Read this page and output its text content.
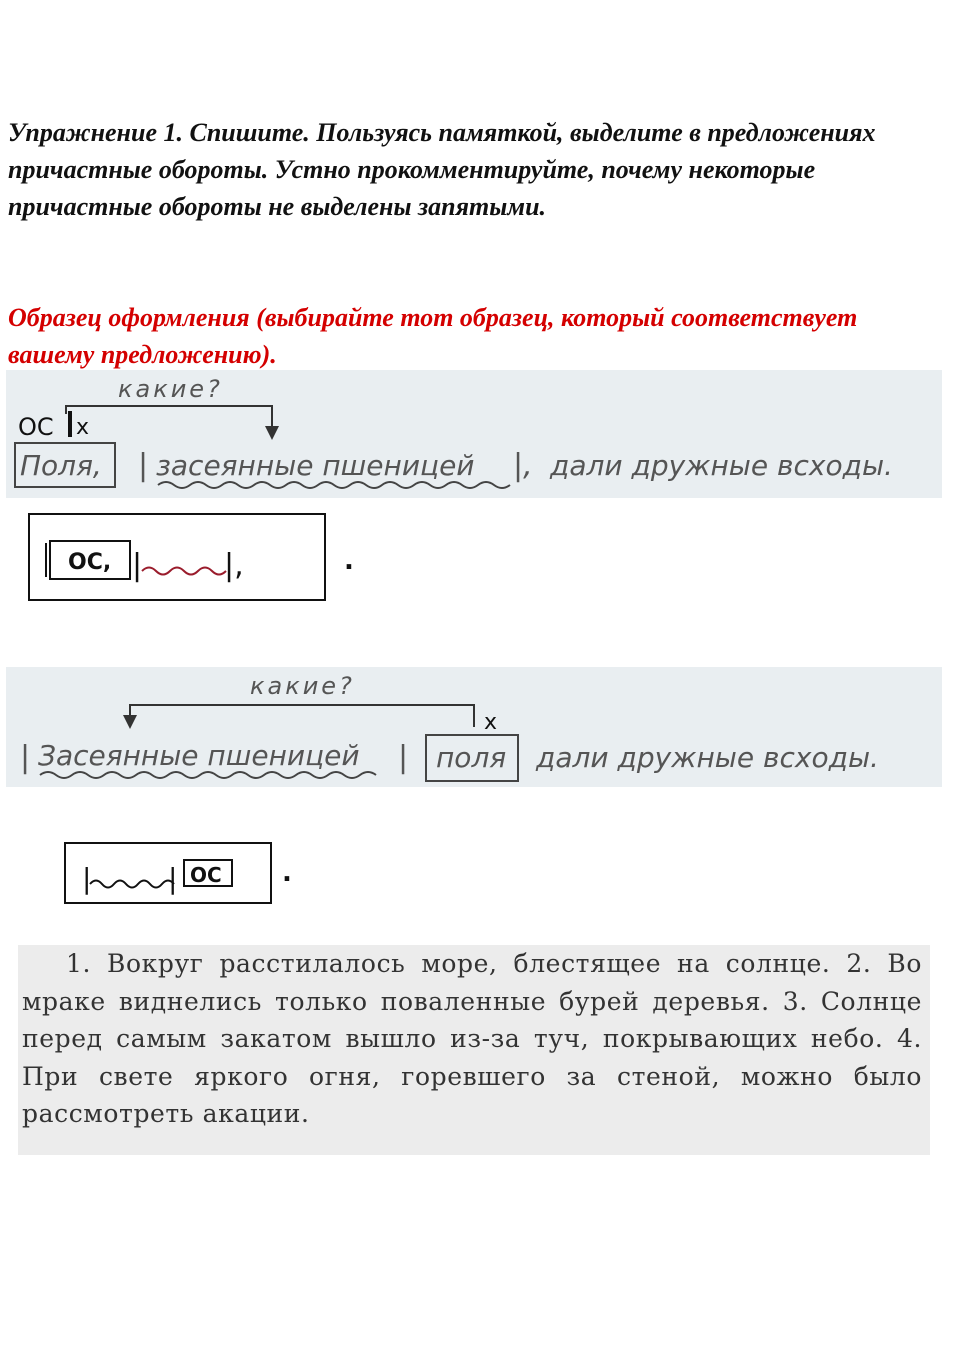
Упражнение 1. Спишите. Пользуясь памяткой, выделите в предложениях причастные обороты. Устно прокомментируйте, почему некоторые причастные обороты не выделены запятыми.

Образец оформления (выбирайте тот образец, который соответствует вашему предложению).

какие?
ОС х
Поля, | засеянные пшеницей |, дали дружные всходы.
ОС, |	|,	.
какие?
х
| Засеянные пшеницей | поля дали дружные всходы.
|	| ОС .
1. Вокруг расстилалось море, блестящее на солнце. 2. Во мраке виднелись только поваленные бурей деревья. 3. Солнце перед самым закатом вышло из-за туч, покрывающих небо. 4. При свете яркого огня, горевшего за стеной, можно было рассмотреть акации.
